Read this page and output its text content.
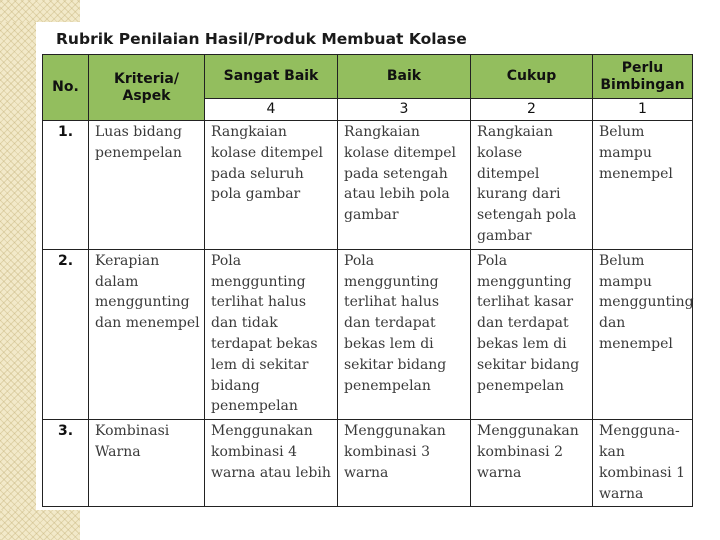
Rubrik Penilaian Hasil/Produk Membuat Kolase
No.	Kriteria/ Aspek	Sangat Baik	Baik	Cukup	Perlu Bimbingan
		4	3	2	1
1.	Luas bidang penempelan	Rangkaian kolase ditempel pada seluruh pola gambar	Rangkaian kolase ditempel pada setengah atau lebih pola gambar	Rangkaian kolase ditempel kurang dari setengah pola gambar	Belum mampu menempel
2.	Kerapian dalam menggunting dan menempel	Pola menggunting terlihat halus dan tidak terdapat bekas lem di sekitar bidang penempelan	Pola menggunting terlihat halus dan terdapat bekas lem di sekitar bidang penempelan	Pola menggunting terlihat kasar dan terdapat bekas lem di sekitar bidang penempelan	Belum mampu menggunting dan menempel
3.	Kombinasi Warna	Menggunakan kombinasi 4 warna atau lebih	Menggunakan kombinasi 3 warna	Menggunakan kombinasi 2 warna	Mengguna-kan kombinasi 1 warna
